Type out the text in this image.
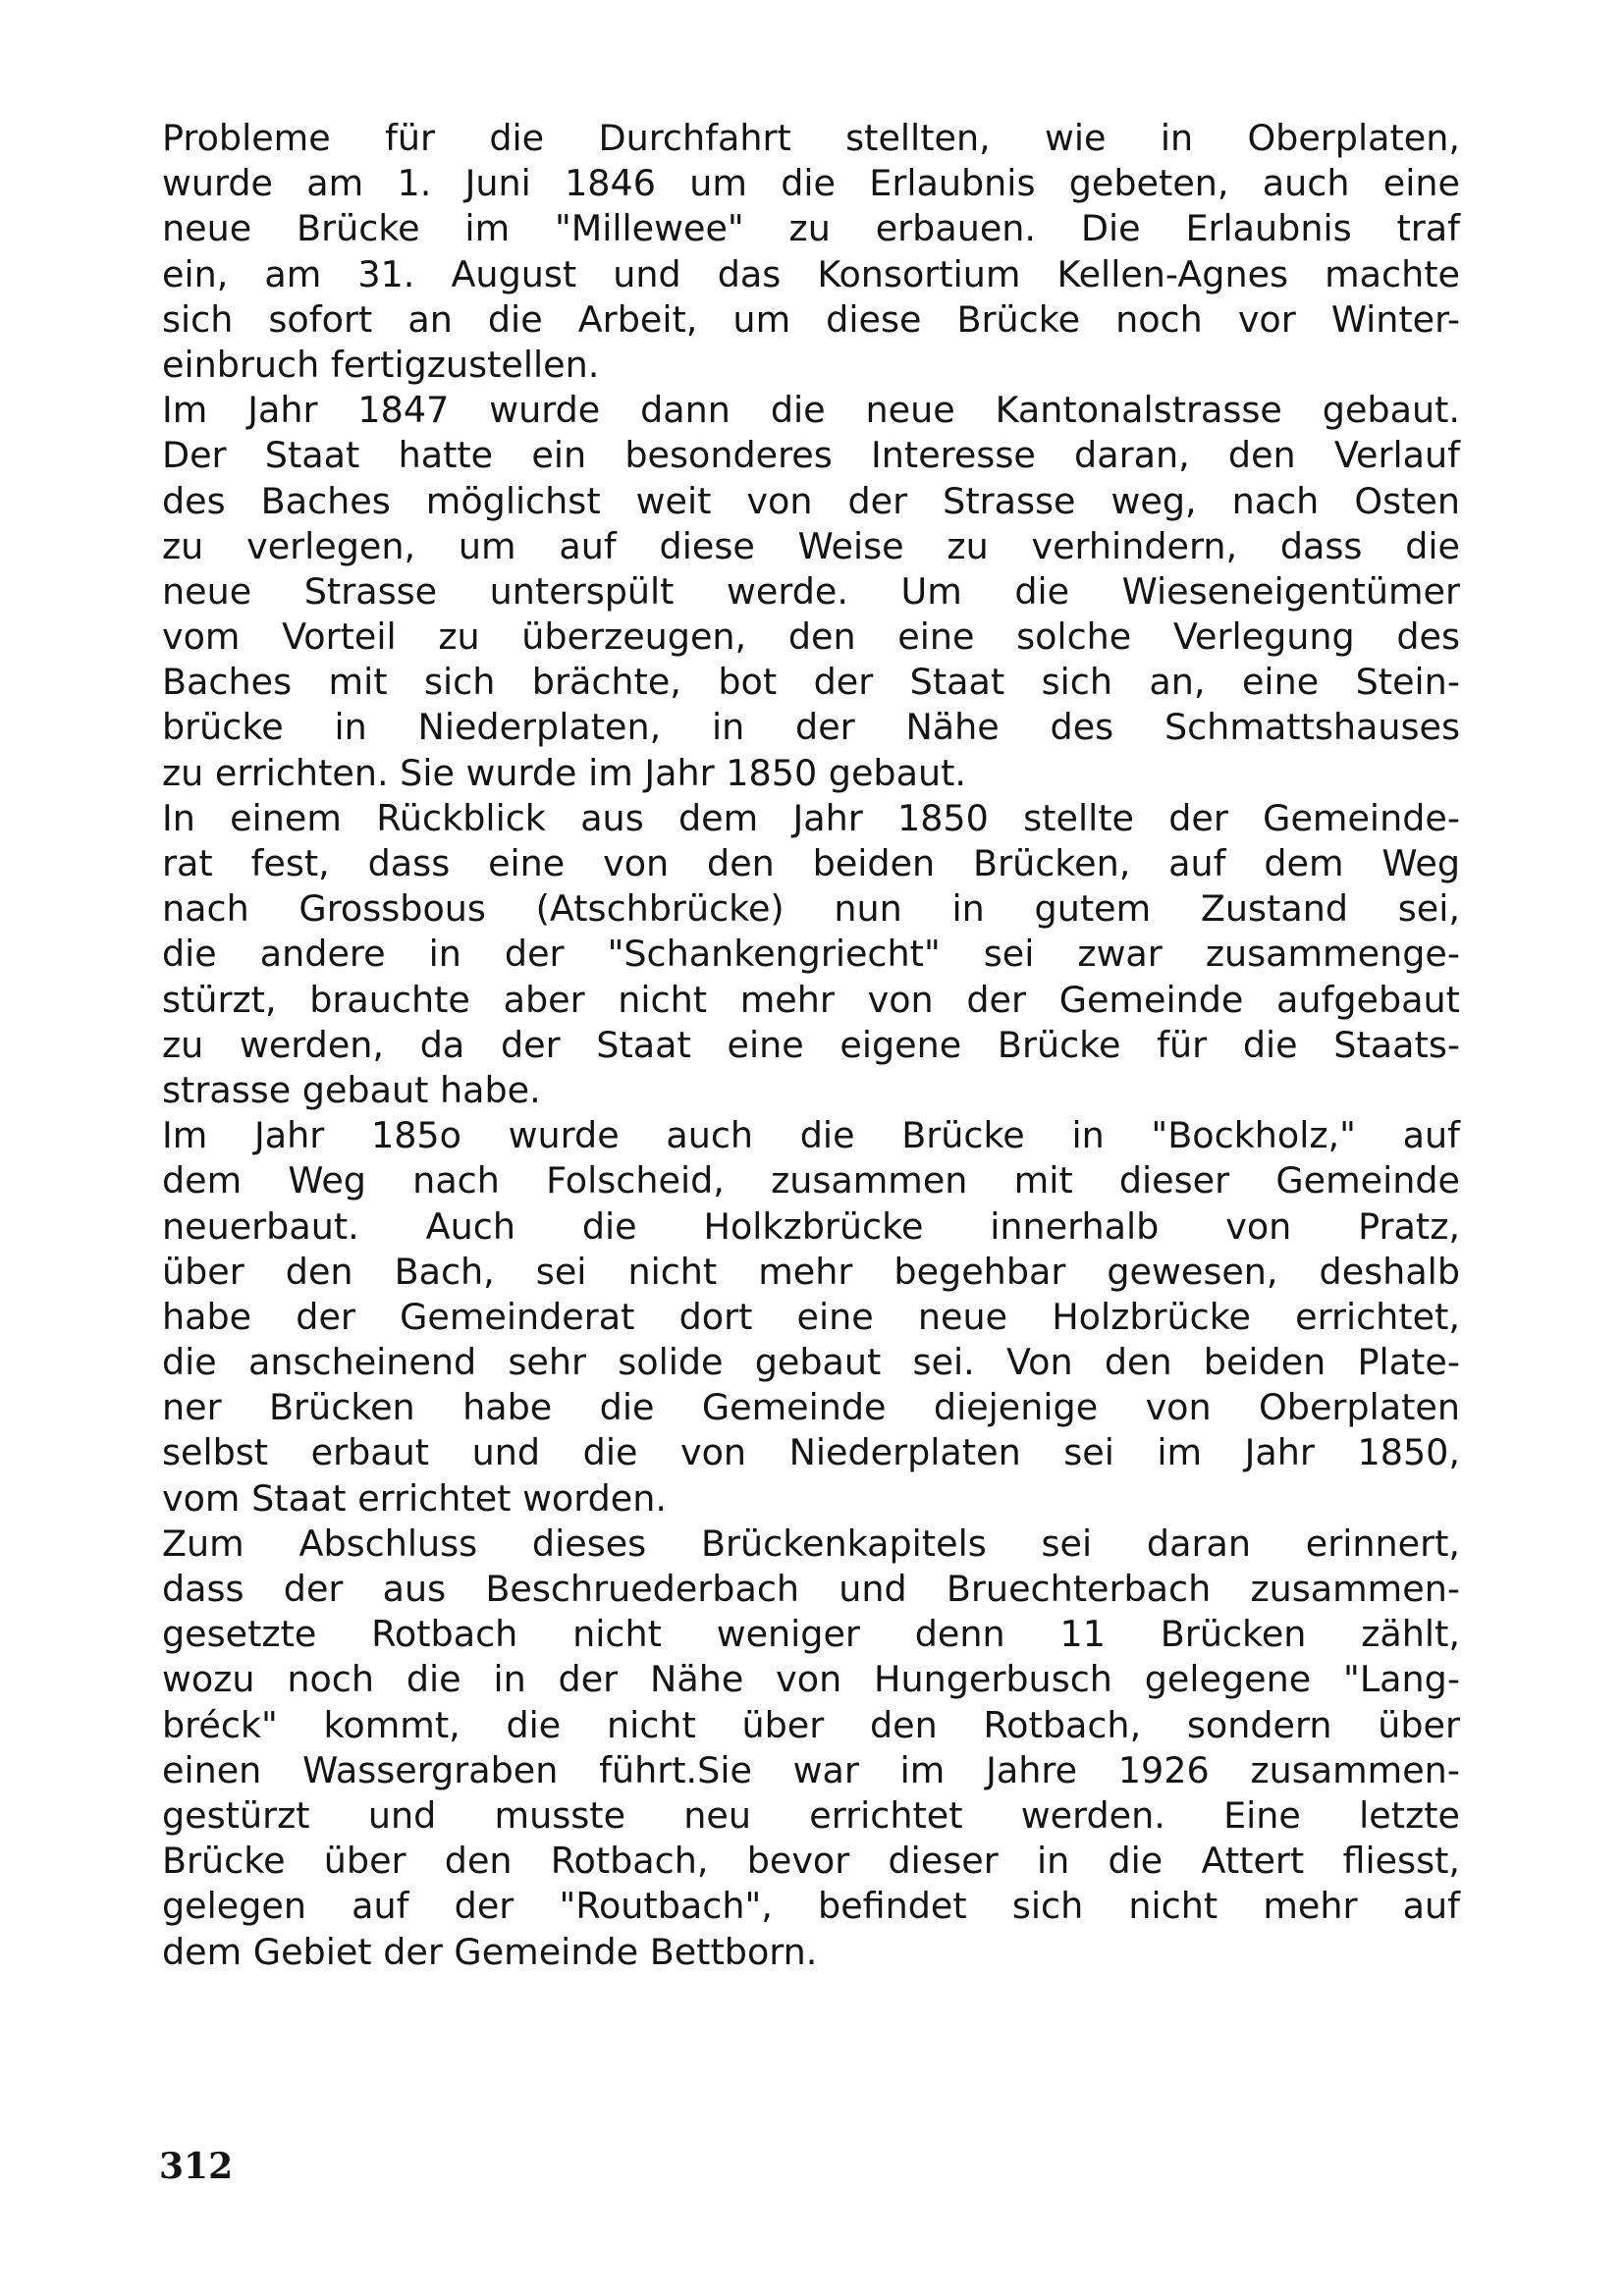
Probleme für die Durchfahrt stellten, wie in Oberplaten,
wurde am 1. Juni 1846 um die Erlaubnis gebeten, auch eine
neue Brücke im "Millewee" zu erbauen. Die Erlaubnis traf
ein, am 31. August und das Konsortium Kellen-Agnes machte
sich sofort an die Arbeit, um diese Brücke noch vor Winter-
einbruch fertigzustellen.
Im Jahr 1847 wurde dann die neue Kantonalstrasse gebaut.
Der Staat hatte ein besonderes Interesse daran, den Verlauf
des Baches möglichst weit von der Strasse weg, nach Osten
zu verlegen, um auf diese Weise zu verhindern, dass die
neue Strasse unterspült werde. Um die Wieseneigentümer
vom Vorteil zu überzeugen, den eine solche Verlegung des
Baches mit sich brächte, bot der Staat sich an, eine Stein-
brücke in Niederplaten, in der Nähe des Schmattshauses
zu errichten. Sie wurde im Jahr 1850 gebaut.
In einem Rückblick aus dem Jahr 1850 stellte der Gemeinde-
rat fest, dass eine von den beiden Brücken, auf dem Weg
nach Grossbous (Atschbrücke) nun in gutem Zustand sei,
die andere in der "Schankengriecht" sei zwar zusammenge-
stürzt, brauchte aber nicht mehr von der Gemeinde aufgebaut
zu werden, da der Staat eine eigene Brücke für die Staats-
strasse gebaut habe.
Im Jahr 185o wurde auch die Brücke in "Bockholz," auf
dem Weg nach Folscheid, zusammen mit dieser Gemeinde
neuerbaut. Auch die Holkzbrücke innerhalb von Pratz,
über den Bach, sei nicht mehr begehbar gewesen, deshalb
habe der Gemeinderat dort eine neue Holzbrücke errichtet,
die anscheinend sehr solide gebaut sei. Von den beiden Plate-
ner Brücken habe die Gemeinde diejenige von Oberplaten
selbst erbaut und die von Niederplaten sei im Jahr 1850,
vom Staat errichtet worden.
Zum Abschluss dieses Brückenkapitels sei daran erinnert,
dass der aus Beschruederbach und Bruechterbach zusammen-
gesetzte Rotbach nicht weniger denn 11 Brücken zählt,
wozu noch die in der Nähe von Hungerbusch gelegene "Lang-
bréck" kommt, die nicht über den Rotbach, sondern über
einen Wassergraben führt.Sie war im Jahre 1926 zusammen-
gestürzt und musste neu errichtet werden. Eine letzte
Brücke über den Rotbach, bevor dieser in die Attert fliesst,
gelegen auf der "Routbach", befindet sich nicht mehr auf
dem Gebiet der Gemeinde Bettborn.
312
